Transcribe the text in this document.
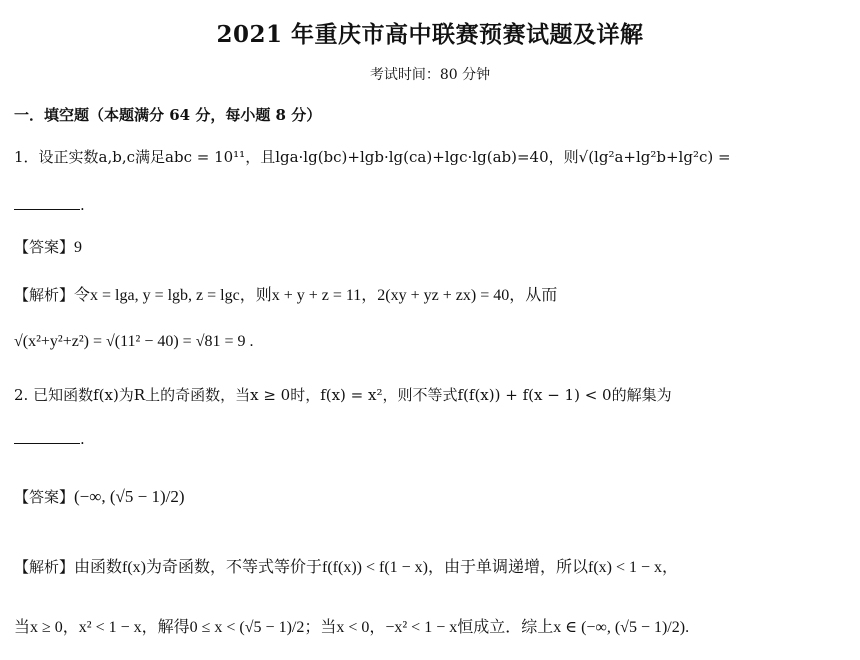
2021 年重庆市高中联赛预赛试题及详解
考试时间：80 分钟
一．填空题（本题满分 64 分，每小题 8 分）
1．设正实数a,b,c满足abc = 10¹¹，且lga·lg(bc)+lgb·lg(ca)+lgc·lg(ab)=40，则√(lg²a+lg²b+lg²c) =
.
【答案】9
【解析】令x = lga, y = lgb, z = lgc，则x + y + z = 11，2(xy + yz + zx) = 40，从而
√(x²+y²+z²) = √(11² − 40) = √81 = 9 .
2. 已知函数f(x)为R上的奇函数，当x ≥ 0时，f(x) = x²，则不等式f(f(x)) + f(x − 1) < 0的解集为
.
【答案】(−∞, (√5 − 1)/2)
【解析】由函数f(x)为奇函数，不等式等价于f(f(x)) < f(1 − x)，由于单调递增，所以f(x) < 1 − x，
当x ≥ 0，x² < 1 − x，解得0 ≤ x < (√5 − 1)/2；当x < 0，−x² < 1 − x恒成立．综上x ∈ (−∞, (√5 − 1)/2).
